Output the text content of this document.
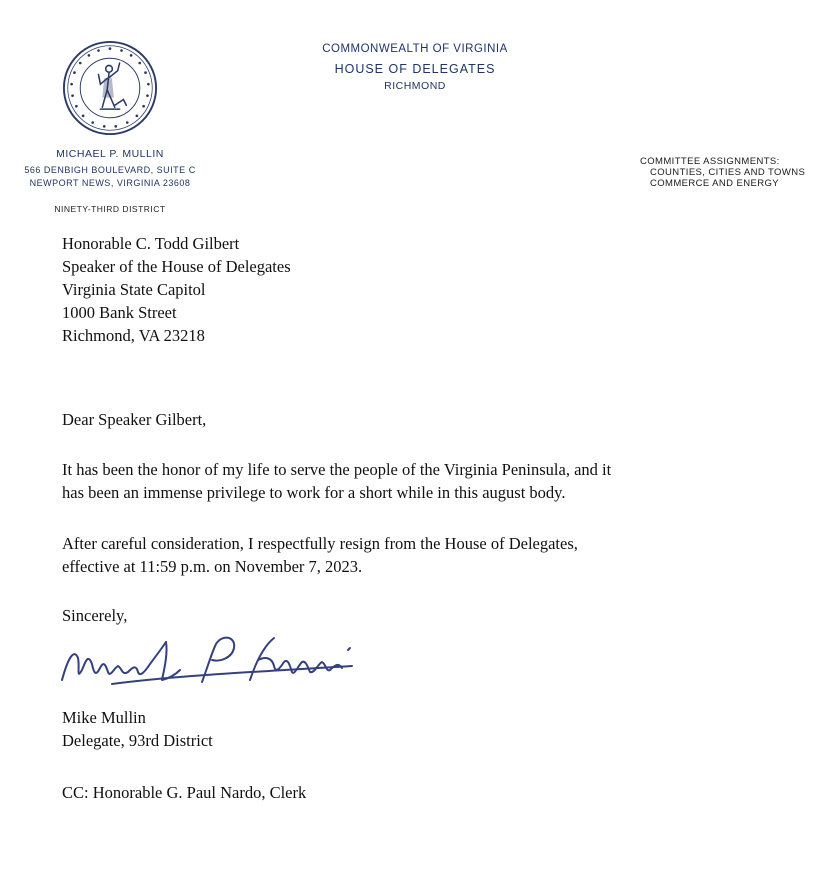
COMMONWEALTH OF VIRGINIA
HOUSE OF DELEGATES
RICHMOND
MICHAEL P. MULLIN
566 DENBIGH BOULEVARD, SUITE C
NEWPORT NEWS, VIRGINIA 23608
NINETY-THIRD DISTRICT
COMMITTEE ASSIGNMENTS:
COUNTIES, CITIES AND TOWNS
COMMERCE AND ENERGY
Honorable C. Todd Gilbert
Speaker of the House of Delegates
Virginia State Capitol
1000 Bank Street
Richmond, VA 23218
Dear Speaker Gilbert,
It has been the honor of my life to serve the people of the Virginia Peninsula, and it
has been an immense privilege to work for a short while in this august body.
After careful consideration, I respectfully resign from the House of Delegates,
effective at 11:59 p.m. on November 7, 2023.
Sincerely,
Mike Mullin
Delegate, 93rd District
CC: Honorable G. Paul Nardo, Clerk
